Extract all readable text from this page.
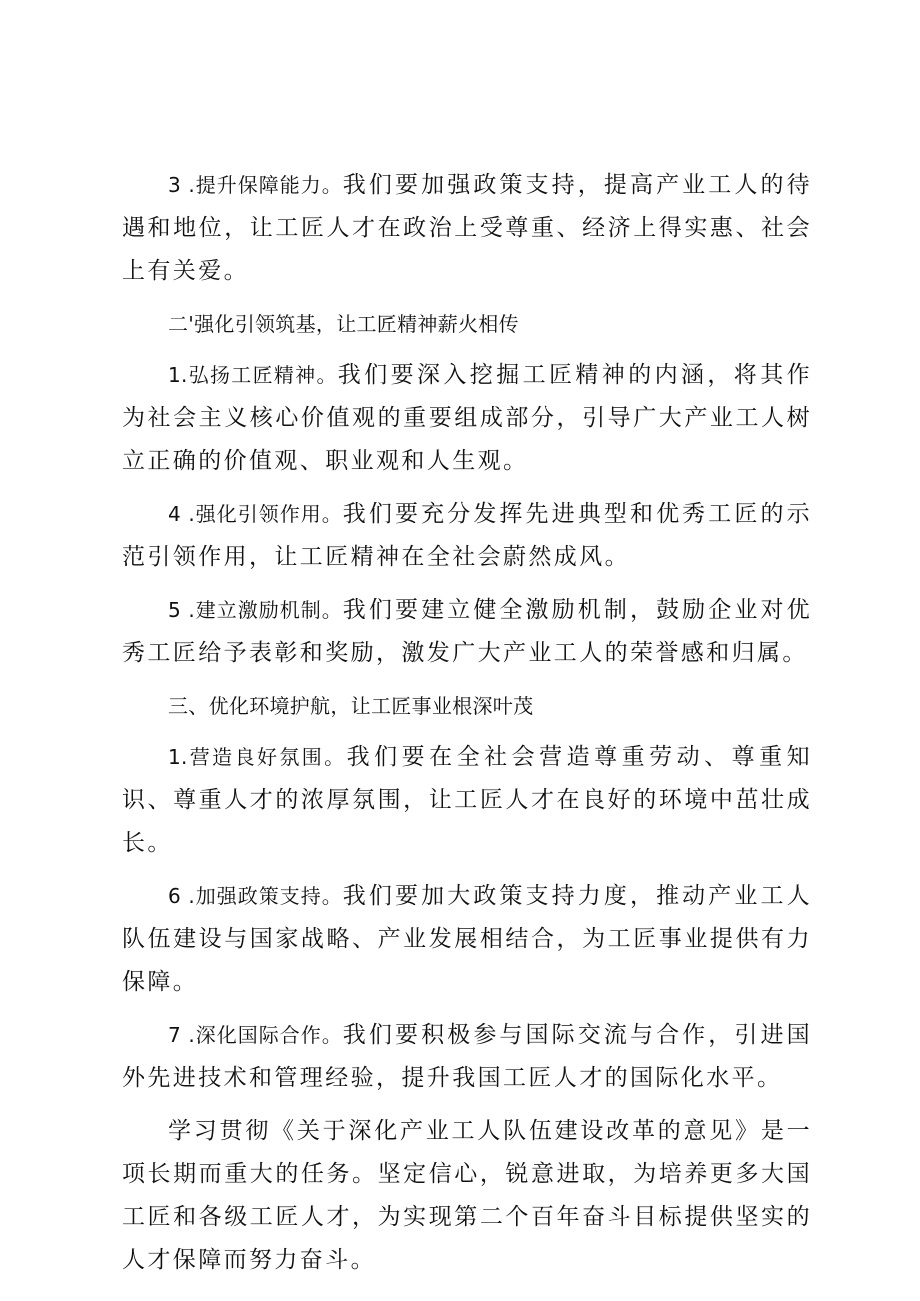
3 .提升保障能力。我们要加强政策支持，提高产业工人的待遇和地位，让工匠人才在政治上受尊重、经济上得实惠、社会上有关爱。

二'强化引领筑基，让工匠精神薪火相传

1.弘扬工匠精神。我们要深入挖掘工匠精神的内涵，将其作为社会主义核心价值观的重要组成部分，引导广大产业工人树立正确的价值观、职业观和人生观。

4 .强化引领作用。我们要充分发挥先进典型和优秀工匠的示范引领作用，让工匠精神在全社会蔚然成风。

5 .建立激励机制。我们要建立健全激励机制，鼓励企业对优秀工匠给予表彰和奖励，激发广大产业工人的荣誉感和归属。

三、优化环境护航，让工匠事业根深叶茂

1.营造良好氛围。我们要在全社会营造尊重劳动、尊重知识、尊重人才的浓厚氛围，让工匠人才在良好的环境中茁壮成长。

6 .加强政策支持。我们要加大政策支持力度，推动产业工人队伍建设与国家战略、产业发展相结合，为工匠事业提供有力保障。

7 .深化国际合作。我们要积极参与国际交流与合作，引进国外先进技术和管理经验，提升我国工匠人才的国际化水平。

学习贯彻《关于深化产业工人队伍建设改革的意见》是一项长期而重大的任务。坚定信心，锐意进取，为培养更多大国工匠和各级工匠人才，为实现第二个百年奋斗目标提供坚实的人才保障而努力奋斗。
